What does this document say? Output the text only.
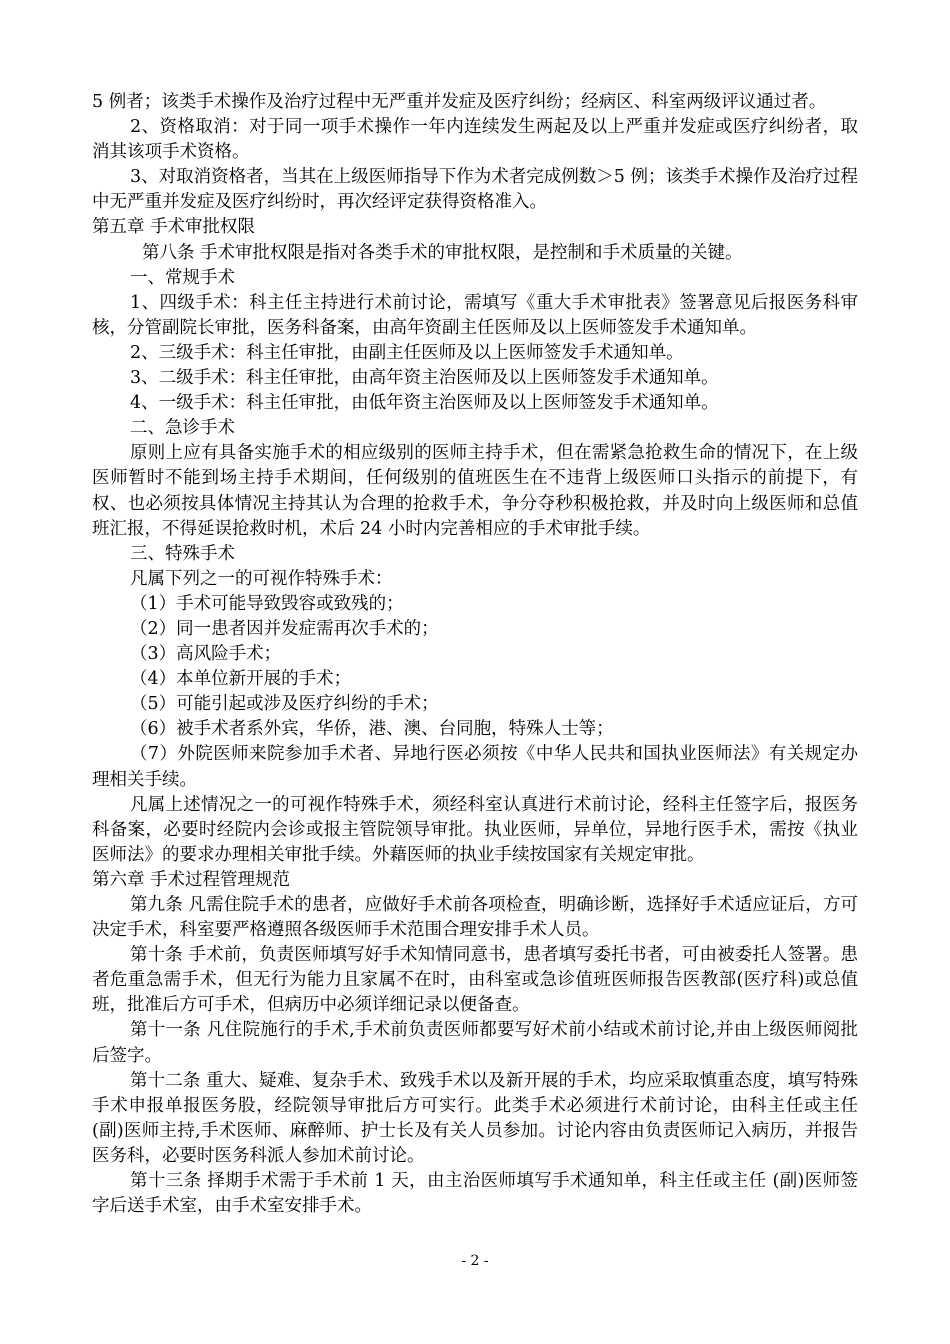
5 例者；该类手术操作及治疗过程中无严重并发症及医疗纠纷；经病区、科室两级评议通过者。

2、资格取消：对于同一项手术操作一年内连续发生两起及以上严重并发症或医疗纠纷者，取消其该项手术资格。

3、对取消资格者，当其在上级医师指导下作为术者完成例数＞5 例；该类手术操作及治疗过程中无严重并发症及医疗纠纷时，再次经评定获得资格准入。

第五章 手术审批权限

第八条 手术审批权限是指对各类手术的审批权限，是控制和手术质量的关键。

一、常规手术

1、四级手术：科主任主持进行术前讨论，需填写《重大手术审批表》签署意见后报医务科审核，分管副院长审批，医务科备案，由高年资副主任医师及以上医师签发手术通知单。

2、三级手术：科主任审批，由副主任医师及以上医师签发手术通知单。

3、二级手术：科主任审批，由高年资主治医师及以上医师签发手术通知单。

4、一级手术：科主任审批，由低年资主治医师及以上医师签发手术通知单。

二、急诊手术

原则上应有具备实施手术的相应级别的医师主持手术，但在需紧急抢救生命的情况下，在上级医师暂时不能到场主持手术期间，任何级别的值班医生在不违背上级医师口头指示的前提下，有权、也必须按具体情况主持其认为合理的抢救手术，争分夺秒积极抢救，并及时向上级医师和总值班汇报，不得延误抢救时机，术后 24 小时内完善相应的手术审批手续。

三、特殊手术

凡属下列之一的可视作特殊手术：

（1）手术可能导致毁容或致残的；

（2）同一患者因并发症需再次手术的；

（3）高风险手术；

（4）本单位新开展的手术；

（5）可能引起或涉及医疗纠纷的手术；

（6）被手术者系外宾，华侨，港、澳、台同胞，特殊人士等；

（7）外院医师来院参加手术者、异地行医必须按《中华人民共和国执业医师法》有关规定办理相关手续。

凡属上述情况之一的可视作特殊手术，须经科室认真进行术前讨论，经科主任签字后，报医务科备案，必要时经院内会诊或报主管院领导审批。执业医师，异单位，异地行医手术，需按《执业医师法》的要求办理相关审批手续。外藉医师的执业手续按国家有关规定审批。

第六章 手术过程管理规范

第九条 凡需住院手术的患者，应做好手术前各项检查，明确诊断，选择好手术适应证后，方可决定手术，科室要严格遵照各级医师手术范围合理安排手术人员。

第十条 手术前，负责医师填写好手术知情同意书，患者填写委托书者，可由被委托人签署。患者危重急需手术，但无行为能力且家属不在时，由科室或急诊值班医师报告医教部(医疗科)或总值班，批准后方可手术，但病历中必须详细记录以便备查。

第十一条 凡住院施行的手术,手术前负责医师都要写好术前小结或术前讨论,并由上级医师阅批后签字。

第十二条 重大、疑难、复杂手术、致残手术以及新开展的手术，均应采取慎重态度，填写特殊手术申报单报医务股，经院领导审批后方可实行。此类手术必须进行术前讨论，由科主任或主任 (副)医师主持,手术医师、麻醉师、护士长及有关人员参加。讨论内容由负责医师记入病历，并报告医务科，必要时医务科派人参加术前讨论。

第十三条 择期手术需于手术前 1 天，由主治医师填写手术通知单，科主任或主任 (副)医师签字后送手术室，由手术室安排手术。

- 2 -
